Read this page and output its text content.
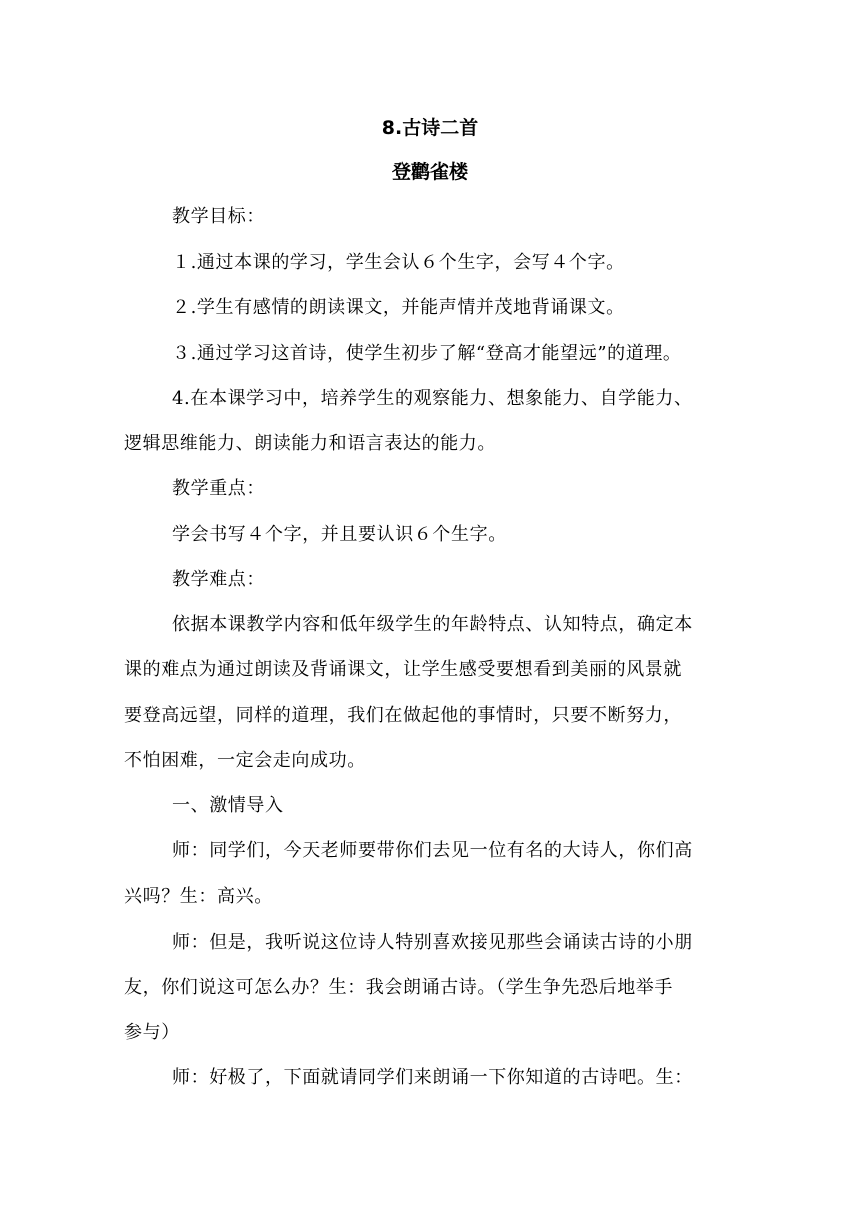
8.古诗二首
登鹳雀楼
教学目标：
１.通过本课的学习，学生会认６个生字，会写４个字。
２.学生有感情的朗读课文，并能声情并茂地背诵课文。
３.通过学习这首诗，使学生初步了解“登高才能望远”的道理。
4.在本课学习中，培养学生的观察能力、想象能力、自学能力、
逻辑思维能力、朗读能力和语言表达的能力。
教学重点：
学会书写４个字，并且要认识６个生字。
教学难点：
依据本课教学内容和低年级学生的年龄特点、认知特点，确定本
课的难点为通过朗读及背诵课文，让学生感受要想看到美丽的风景就
要登高远望，同样的道理，我们在做起他的事情时，只要不断努力，
不怕困难，一定会走向成功。
一、激情导入
师：同学们，今天老师要带你们去见一位有名的大诗人，你们高
兴吗？生：高兴。
师：但是，我听说这位诗人特别喜欢接见那些会诵读古诗的小朋
友，你们说这可怎么办？生：我会朗诵古诗。（学生争先恐后地举手
参与）
师：好极了，下面就请同学们来朗诵一下你知道的古诗吧。生：
